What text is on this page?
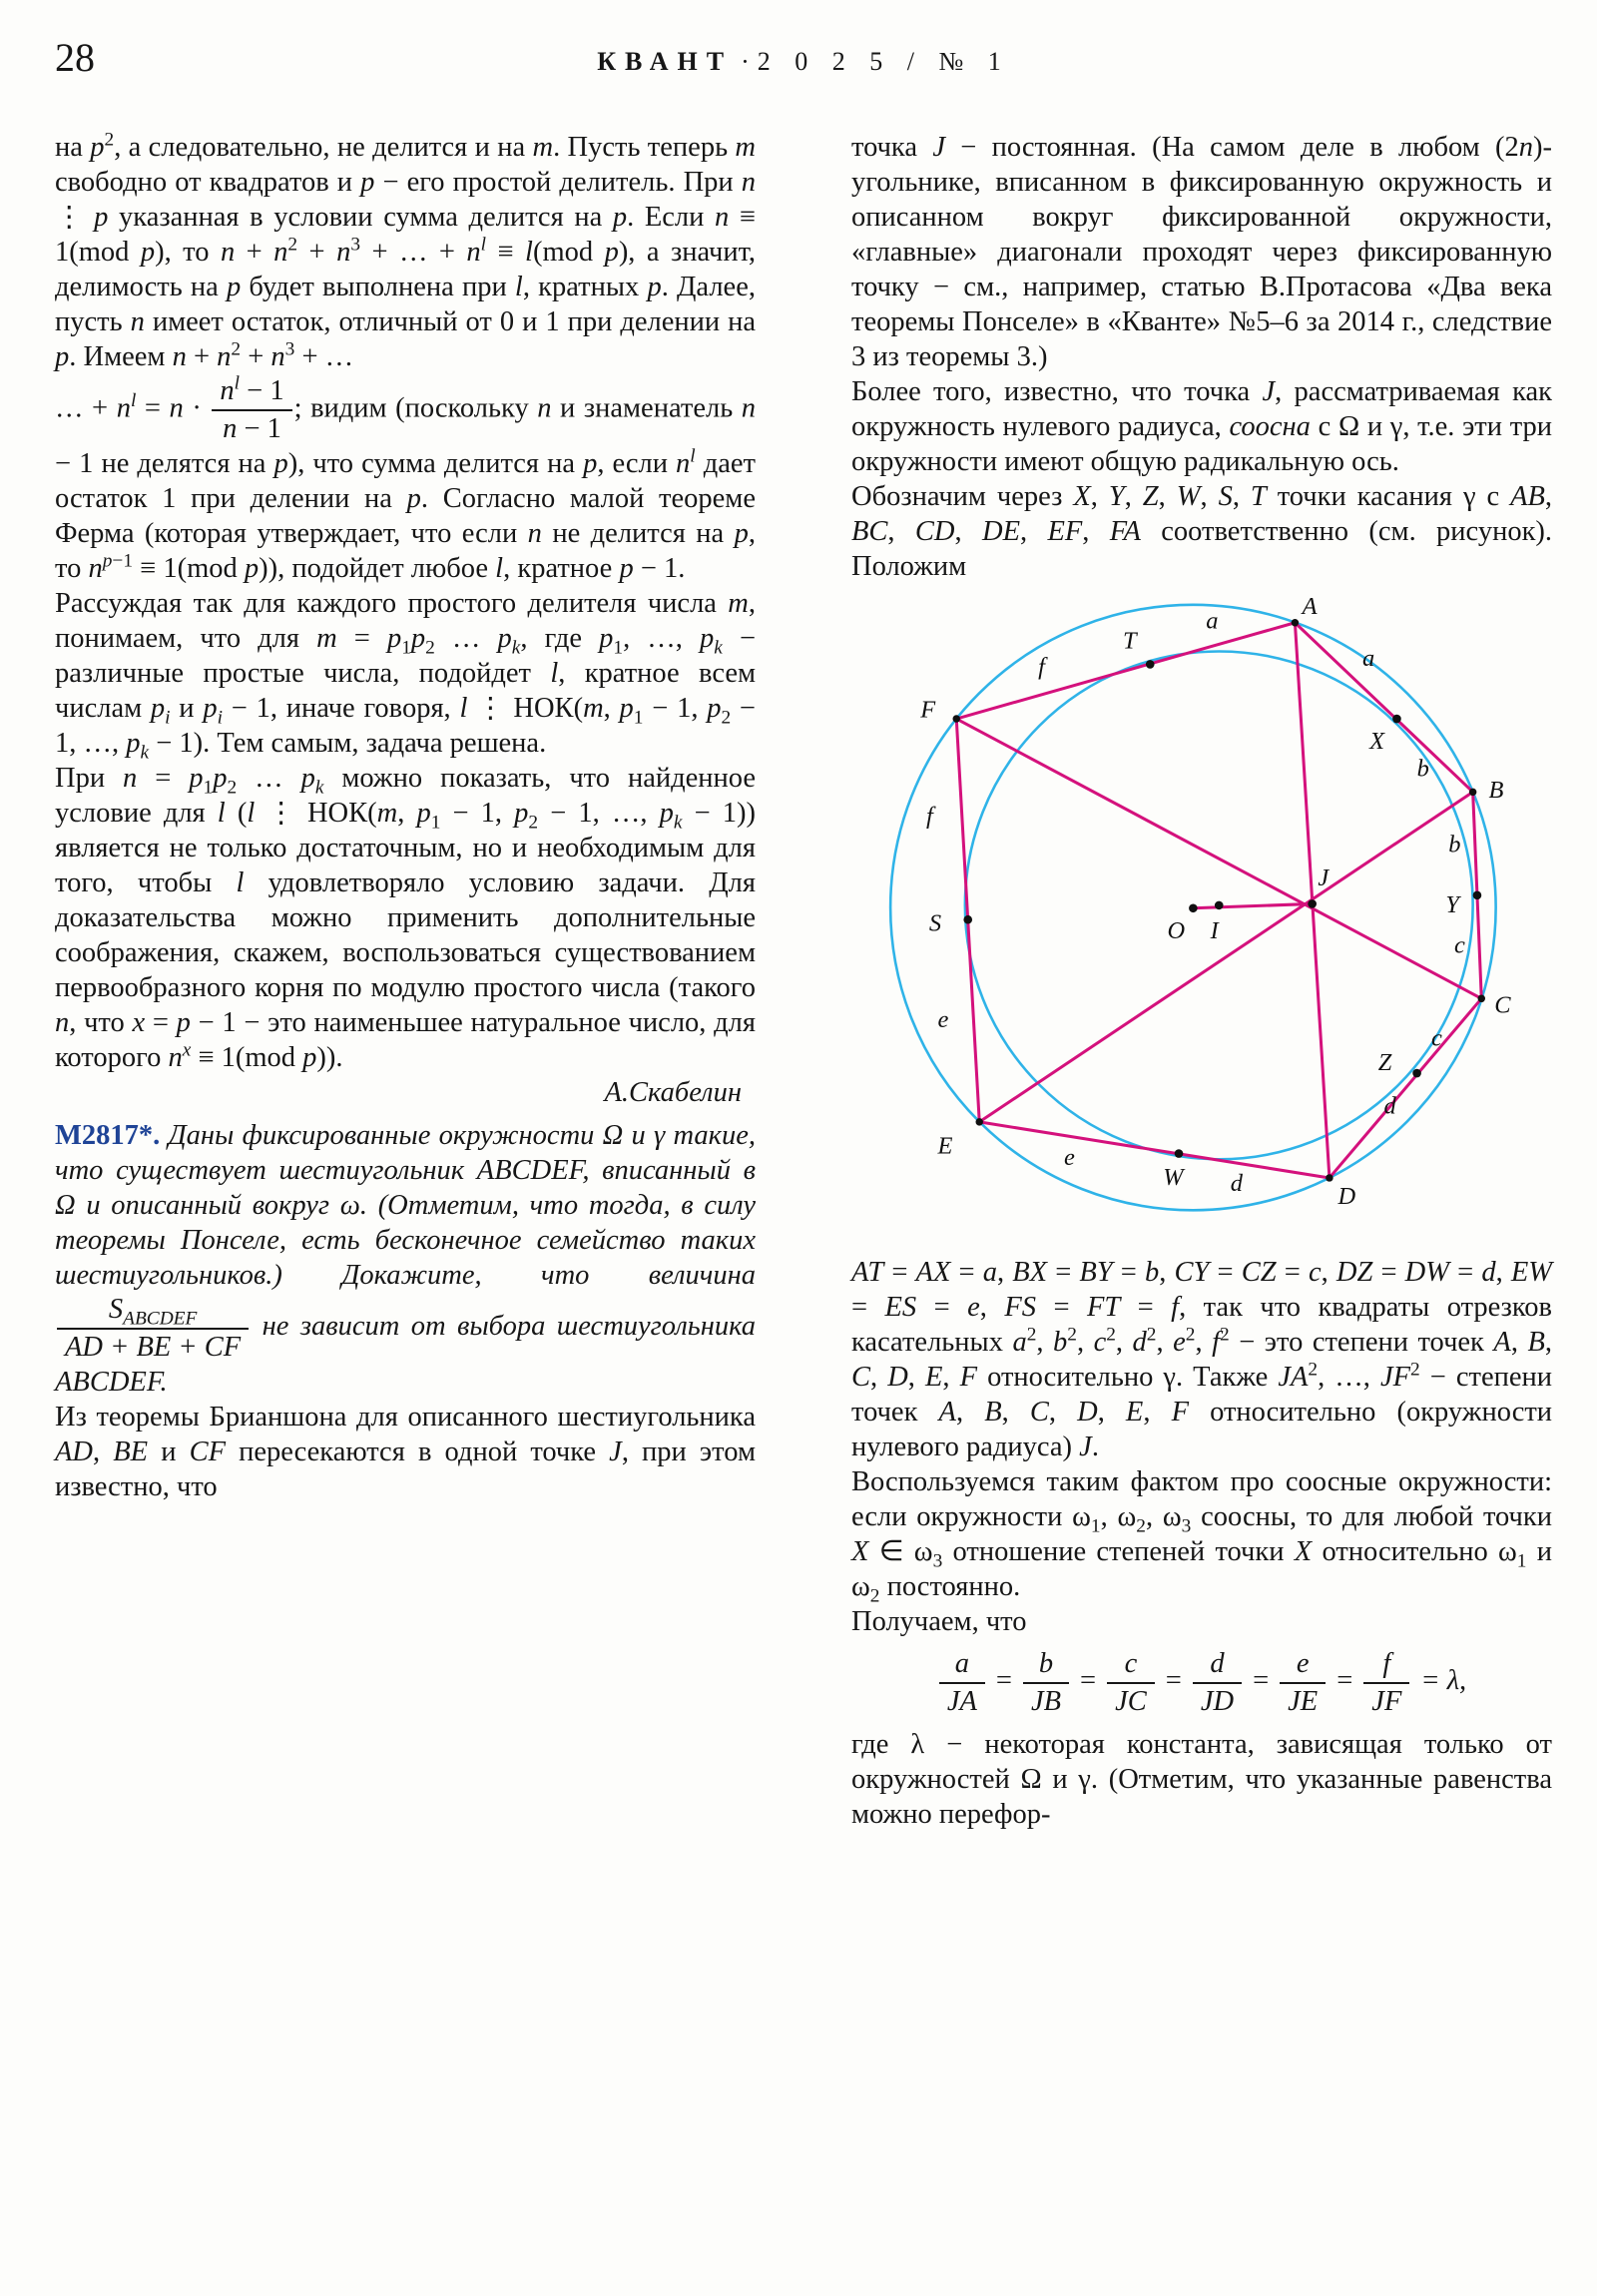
28	КВАНТ · 2 0 2 5 / № 1

на $p^2$, а следовательно, не делится и на m. Пусть теперь m свободно от квадратов и p − его простой делитель. При n ⋮ p указанная в условии сумма делится на p. Если n ≡ 1(mod p), то $n + n^2 + n^3$ + … + $n^l \equiv l(mod$ p), а значит, делимость на p будет выполнена при l, кратных p. Далее, пусть n имеет остаток, отличный от 0 и 1 при делении на p. Имеем $n + n^2 + n^3$ + …

… + $n^l = n \cdot \frac{n^l - 1}{n - 1}$ ; видим (поскольку n и знаменатель n − 1 не делятся на p), что сумма делится на p, если $n^l$ дает остаток 1 при делении на p. Согласно малой теореме Ферма (которая утверждает, что если n не делится на p, то $n^{p-1} \equiv 1(mod$ p)), подойдет любое l, кратное p − 1.

Рассуждая так для каждого простого делителя числа m, понимаем, что для $m = p_1p_2$ … $p_k$, где $p_1$, …, $p_k$ − различные простые числа, подойдет l, кратное всем числам $p_i$ и $p_i - 1$, иначе говоря, l ⋮ НОК(m, $p_1 - 1$, $p_2 - 1$, …, $p_k - 1$). Тем самым, задача решена.

При $n = p_1p_2$ … $p_k$ можно показать, что найденное условие для l (l ⋮ НОК(m, $p_1 - 1$, $p_2 - 1$, …, $p_k - 1$)) является не только достаточным, но и необходимым для того, чтобы l удовлетворяло условию задачи. Для доказательства можно применить дополнительные соображения, скажем, воспользоваться существованием первообразного корня по модулю простого числа (такого n, что x = p − 1 − это наименьшее натуральное число, для которого $n^x \equiv 1(mod$ p)).

А.Скабелин

М2817*. Даны фиксированные окружности Ω и γ такие, что существует шестиугольник ABCDEF, вписанный в Ω и описанный вокруг ω. (Отметим, что тогда, в силу теоремы Понселе, есть бесконечное семейство таких шестиугольников.) Докажите, что величина
$\frac{S_{ABCDEF}}{AD + BE + CF}$ не зависит от выбора шестиугольника ABCDEF.

Из теоремы Брианшона для описанного шестиугольника AD, BE и CF пересекаются в одной точке J, при этом известно, что

точка J − постоянная. (На самом деле в любом (2n)-угольнике, вписанном в фиксированную окружность и описанном вокруг фиксированной окружности, «главные» диагонали проходят через фиксированную точку − см., например, статью В.Протасова «Два века теоремы Понселе» в «Кванте» №5–6 за 2014 г., следствие 3 из теоремы 3.)

Более того, известно, что точка J, рассматриваемая как окружность нулевого радиуса, соосна с Ω и γ, т.е. эти три окружности имеют общую радикальную ось.

Обозначим через X, Y, Z, W, S, T точки касания γ с AB, BC, CD, DE, EF, FA соответственно (см. рисунок). Положим

A
B
C
D
E
F
T
X
Y
Z
W
S	O I
J
a
a
b
b
c
c
d
d
e
e
f
f

AT = AX = a, BX = BY = b, CY = CZ = c, DZ = DW = d, EW = ES = e, FS = FT = f, так что квадраты отрезков касательных $a^2$, $b^2$, $c^2$, $d^2$, $e^2$, $f^2$ − это степени точек A, B, C, D, E, F относительно γ. Также $JA^2$, …, $JF^2$ − степени точек A, B, C, D, E, F относительно (окружности нулевого радиуса) J.

Воспользуемся таким фактом про соосные окружности: если окружности $\omega_1$, $\omega_2$, $\omega_3$ соосны, то для любой точки X ∈ $\omega_3$ отношение степеней точки X относительно $\omega_1$ и $\omega_2$ постоянно.

Получаем, что

$\frac{a}{JA} = \frac{b}{JB} = \frac{c}{JC} = \frac{d}{JD} = \frac{e}{JE} = \frac{f}{JF} = \lambda$,

где λ − некоторая константа, зависящая только от окружностей Ω и γ. (Отметим, что указанные равенства можно перефор-
